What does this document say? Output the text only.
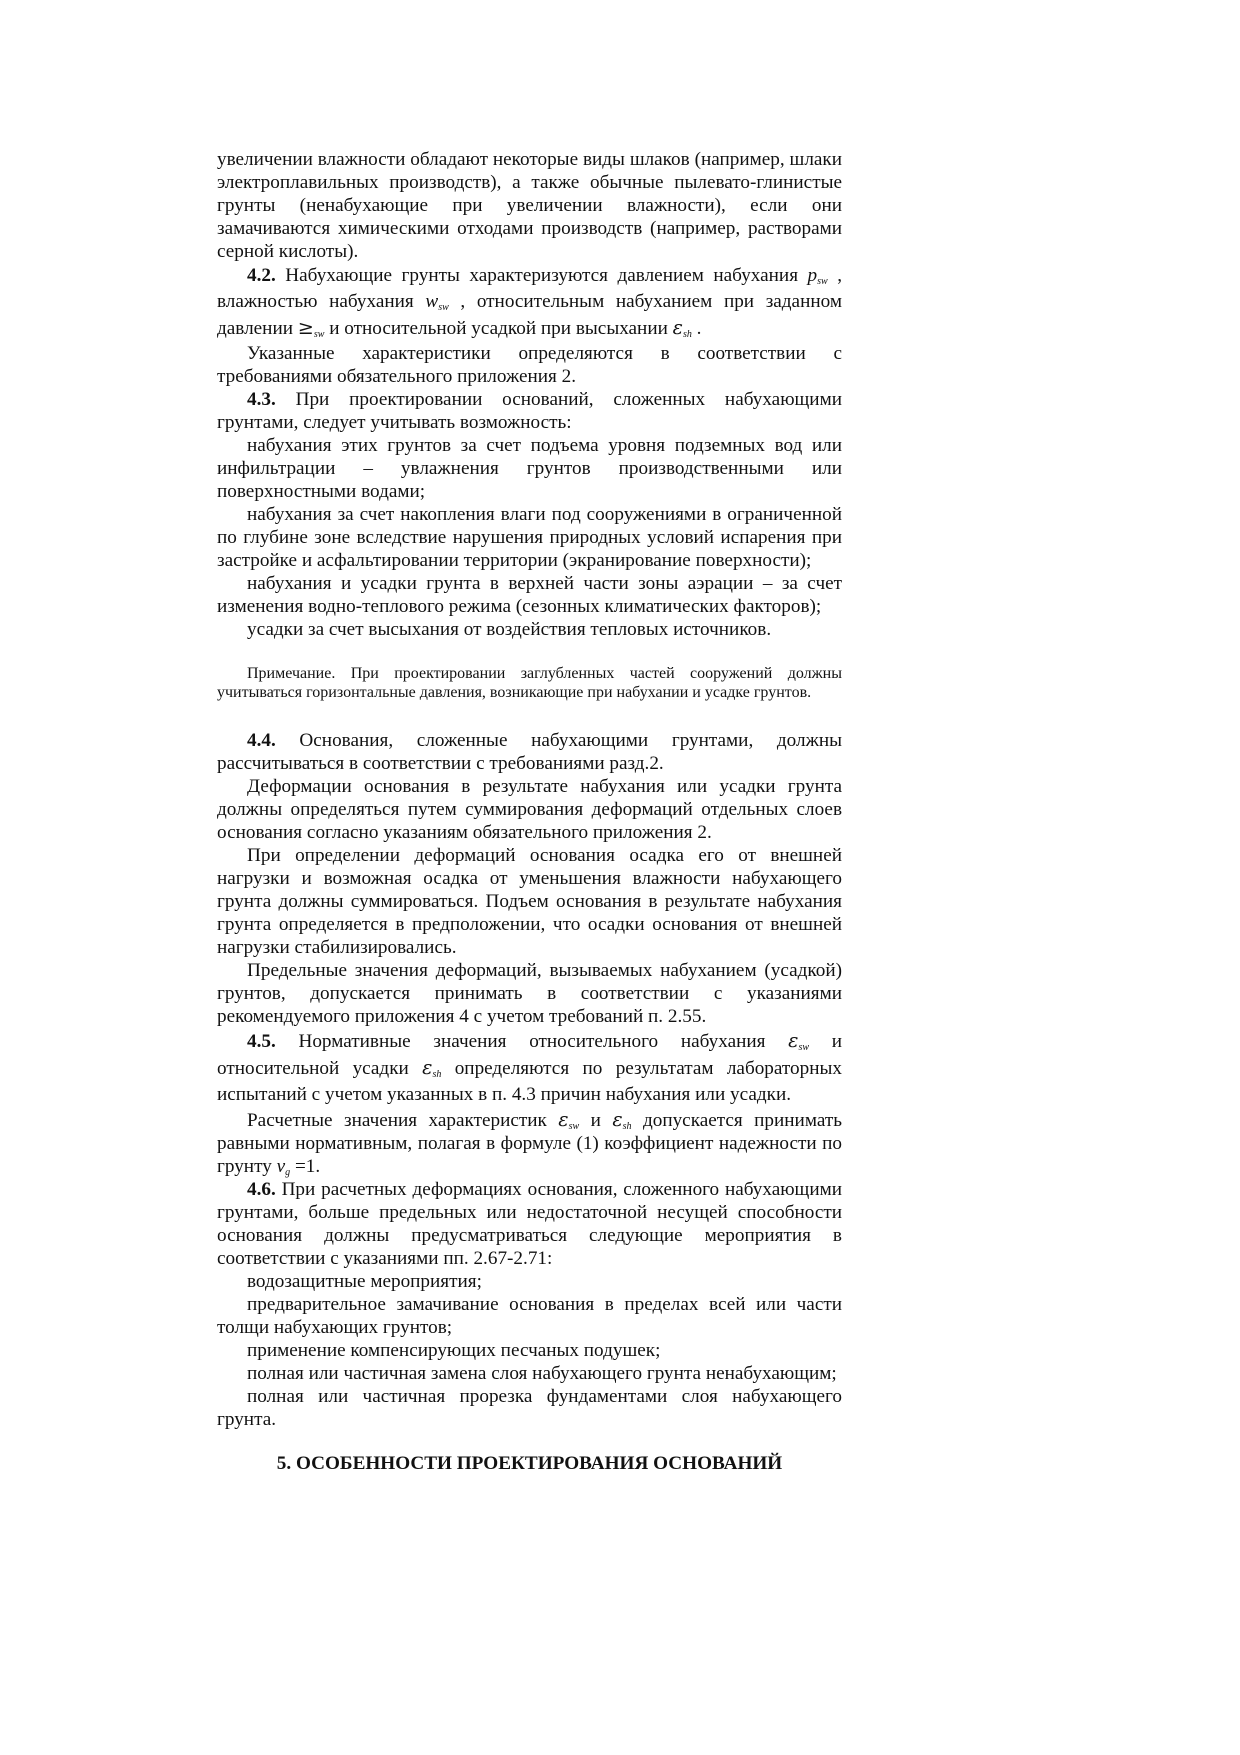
увеличении влажности обладают некоторые виды шлаков (например, шлаки электроплавильных производств), а также обычные пылевато-глинистые грунты (ненабухающие при увеличении влажности), если они замачиваются химическими отходами производств (например, растворами серной кислоты).

4.2. Набухающие грунты характеризуются давлением набухания $p_{sw}$ , влажностью набухания $w_{sw}$ , относительным набуханием при заданном давлении $\ge_{sw}$ и относительной усадкой при высыхании $\varepsilon_{sh}$ .

Указанные характеристики определяются в соответствии с требованиями обязательного приложения 2.

4.3. При проектировании оснований, сложенных набухающими грунтами, следует учитывать возможность:

набухания этих грунтов за счет подъема уровня подземных вод или инфильтрации – увлажнения грунтов производственными или поверхностными водами;

набухания за счет накопления влаги под сооружениями в ограниченной по глубине зоне вследствие нарушения природных условий испарения при застройке и асфальтировании территории (экранирование поверхности);

набухания и усадки грунта в верхней части зоны аэрации – за счет изменения водно-теплового режима (сезонных климатических факторов);

усадки за счет высыхания от воздействия тепловых источников.

Примечание. При проектировании заглубленных частей сооружений должны учитываться горизонтальные давления, возникающие при набухании и усадке грунтов.

4.4. Основания, сложенные набухающими грунтами, должны рассчитываться в соответствии с требованиями разд.2.

Деформации основания в результате набухания или усадки грунта должны определяться путем суммирования деформаций отдельных слоев основания согласно указаниям обязательного приложения 2.

При определении деформаций основания осадка его от внешней нагрузки и возможная осадка от уменьшения влажности набухающего грунта должны суммироваться. Подъем основания в результате набухания грунта определяется в предположении, что осадки основания от внешней нагрузки стабилизировались.

Предельные значения деформаций, вызываемых набуханием (усадкой) грунтов, допускается принимать в соответствии с указаниями рекомендуемого приложения 4 с учетом требований п. 2.55.

4.5. Нормативные значения относительного набухания $\varepsilon_{sw}$ и относительной усадки $\varepsilon_{sh}$ определяются по результатам лабораторных испытаний с учетом указанных в п. 4.3 причин набухания или усадки.

Расчетные значения характеристик $\varepsilon_{sw}$ и $\varepsilon_{sh}$ допускается принимать равными нормативным, полагая в формуле (1) коэффициент надежности по грунту $v_g =1$.

4.6. При расчетных деформациях основания, сложенного набухающими грунтами, больше предельных или недостаточной несущей способности основания должны предусматриваться следующие мероприятия в соответствии с указаниями пп. 2.67-2.71:

водозащитные мероприятия;

предварительное замачивание основания в пределах всей или части толщи набухающих грунтов;

применение компенсирующих песчаных подушек;

полная или частичная замена слоя набухающего грунта ненабухающим;

полная или частичная прорезка фундаментами слоя набухающего грунта.

5. ОСОБЕННОСТИ ПРОЕКТИРОВАНИЯ ОСНОВАНИЙ
